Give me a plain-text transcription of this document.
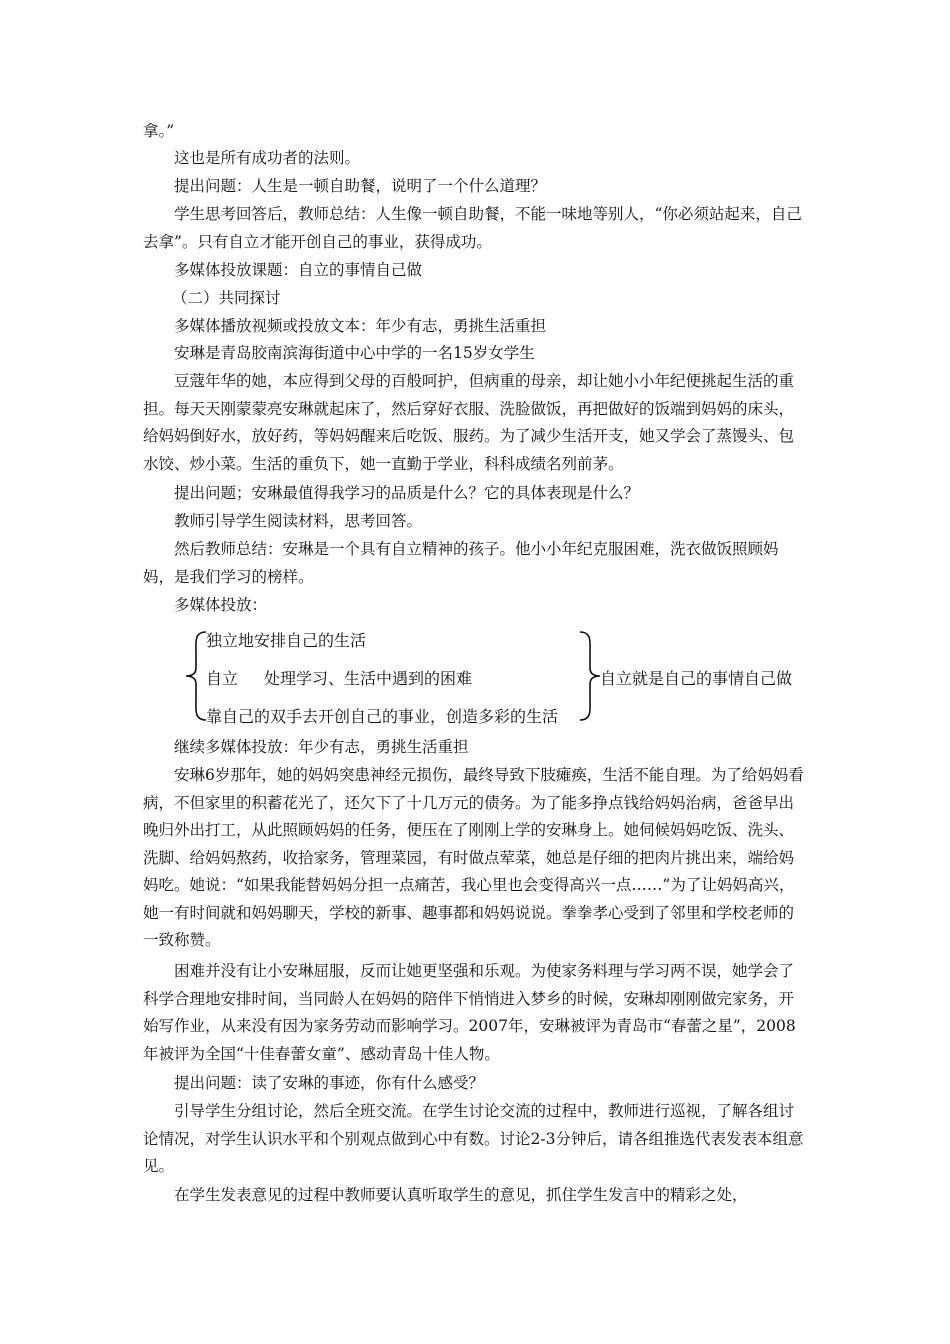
拿。”

这也是所有成功者的法则。

提出问题：人生是一顿自助餐，说明了一个什么道理？

学生思考回答后，教师总结：人生像一顿自助餐，不能一味地等别人，“你必须站起来，自己去拿”。只有自立才能开创自己的事业，获得成功。

多媒体投放课题：自立的事情自己做

（二）共同探讨

多媒体播放视频或投放文本：年少有志，勇挑生活重担

安琳是青岛胶南滨海街道中心中学的一名15岁女学生

豆蔻年华的她，本应得到父母的百般呵护，但病重的母亲，却让她小小年纪便挑起生活的重担。每天天刚蒙蒙亮安琳就起床了，然后穿好衣服、洗脸做饭，再把做好的饭端到妈妈的床头，给妈妈倒好水，放好药，等妈妈醒来后吃饭、服药。为了减少生活开支，她又学会了蒸馒头、包水饺、炒小菜。生活的重负下，她一直勤于学业，科科成绩名列前茅。

提出问题；安琳最值得我学习的品质是什么？它的具体表现是什么？

教师引导学生阅读材料，思考回答。

然后教师总结：安琳是一个具有自立精神的孩子。他小小年纪克服困难，洗衣做饭照顾妈妈，是我们学习的榜样。

多媒体投放：

独立地安排自己的生活
自立 处理学习、生活中遇到的困难
靠自己的双手去开创自己的事业，创造多彩的生活
自立就是自己的事情自己做

继续多媒体投放：年少有志，勇挑生活重担

安琳6岁那年，她的妈妈突患神经元损伤，最终导致下肢瘫痪，生活不能自理。为了给妈妈看病，不但家里的积蓄花光了，还欠下了十几万元的债务。为了能多挣点钱给妈妈治病，爸爸早出晚归外出打工，从此照顾妈妈的任务，便压在了刚刚上学的安琳身上。她伺候妈妈吃饭、洗头、洗脚、给妈妈熬药，收拾家务，管理菜园，有时做点荤菜，她总是仔细的把肉片挑出来，端给妈妈吃。她说：“如果我能替妈妈分担一点痛苦，我心里也会变得高兴一点……”为了让妈妈高兴，她一有时间就和妈妈聊天，学校的新事、趣事都和妈妈说说。拳拳孝心受到了邻里和学校老师的一致称赞。

困难并没有让小安琳屈服，反而让她更坚强和乐观。为使家务料理与学习两不误，她学会了科学合理地安排时间，当同龄人在妈妈的陪伴下悄悄进入梦乡的时候，安琳却刚刚做完家务，开始写作业，从来没有因为家务劳动而影响学习。2007年，安琳被评为青岛市“春蕾之星”，2008年被评为全国“十佳春蕾女童”、感动青岛十佳人物。

提出问题：读了安琳的事迹，你有什么感受？

引导学生分组讨论，然后全班交流。在学生讨论交流的过程中，教师进行巡视，了解各组讨论情况，对学生认识水平和个别观点做到心中有数。讨论2-3分钟后，请各组推选代表发表本组意见。

在学生发表意见的过程中教师要认真听取学生的意见，抓住学生发言中的精彩之处，
